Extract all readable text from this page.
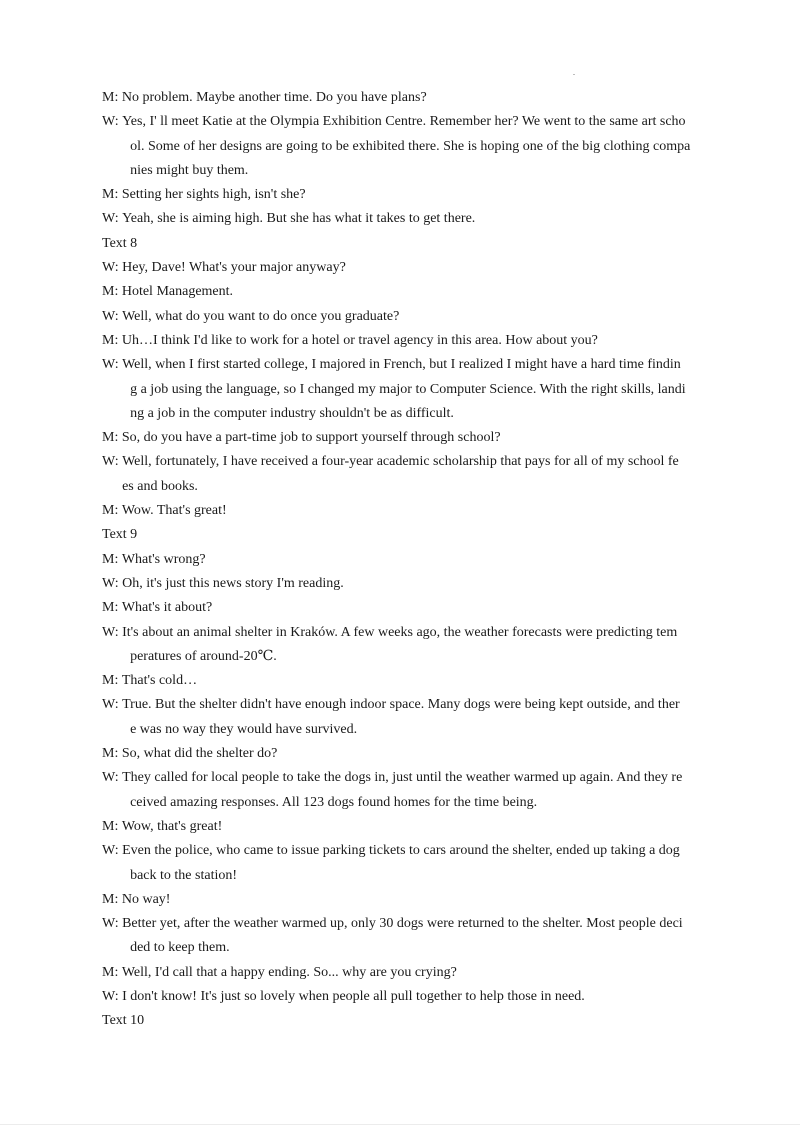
M: No problem. Maybe another time. Do you have plans?
W: Yes, I' ll meet Katie at the Olympia Exhibition Centre. Remember her? We went to the same art scho
ol. Some of her designs are going to be exhibited there. She is hoping one of the big clothing compa
nies might buy them.
M: Setting her sights high, isn't she?
W: Yeah, she is aiming high. But she has what it takes to get there.
Text 8
W: Hey, Dave! What's your major anyway?
M: Hotel Management.
W: Well, what do you want to do once you graduate?
M: Uh…I think I'd like to work for a hotel or travel agency in this area. How about you?
W: Well, when I first started college, I majored in French, but I realized I might have a hard time findin
g a job using the language, so I changed my major to Computer Science. With the right skills, landi
ng a job in the computer industry shouldn't be as difficult.
M: So, do you have a part-time job to support yourself through school?
W: Well, fortunately, I have received a four-year academic scholarship that pays for all of my school fe
es and books.
M: Wow. That's great!
Text 9
M: What's wrong?
W: Oh, it's just this news story I'm reading.
M: What's it about?
W: It's about an animal shelter in Kraków. A few weeks ago, the weather forecasts were predicting tem
peratures of around-20℃.
M: That's cold…
W: True. But the shelter didn't have enough indoor space. Many dogs were being kept outside, and ther
e was no way they would have survived.
M: So, what did the shelter do?
W: They called for local people to take the dogs in, just until the weather warmed up again. And they re
ceived amazing responses. All 123 dogs found homes for the time being.
M: Wow, that's great!
W: Even the police, who came to issue parking tickets to cars around the shelter, ended up taking a dog
back to the station!
M: No way!
W: Better yet, after the weather warmed up, only 30 dogs were returned to the shelter. Most people deci
ded to keep them.
M: Well, I'd call that a happy ending. So... why are you crying?
W: I don't know! It's just so lovely when people all pull together to help those in need.
Text 10
